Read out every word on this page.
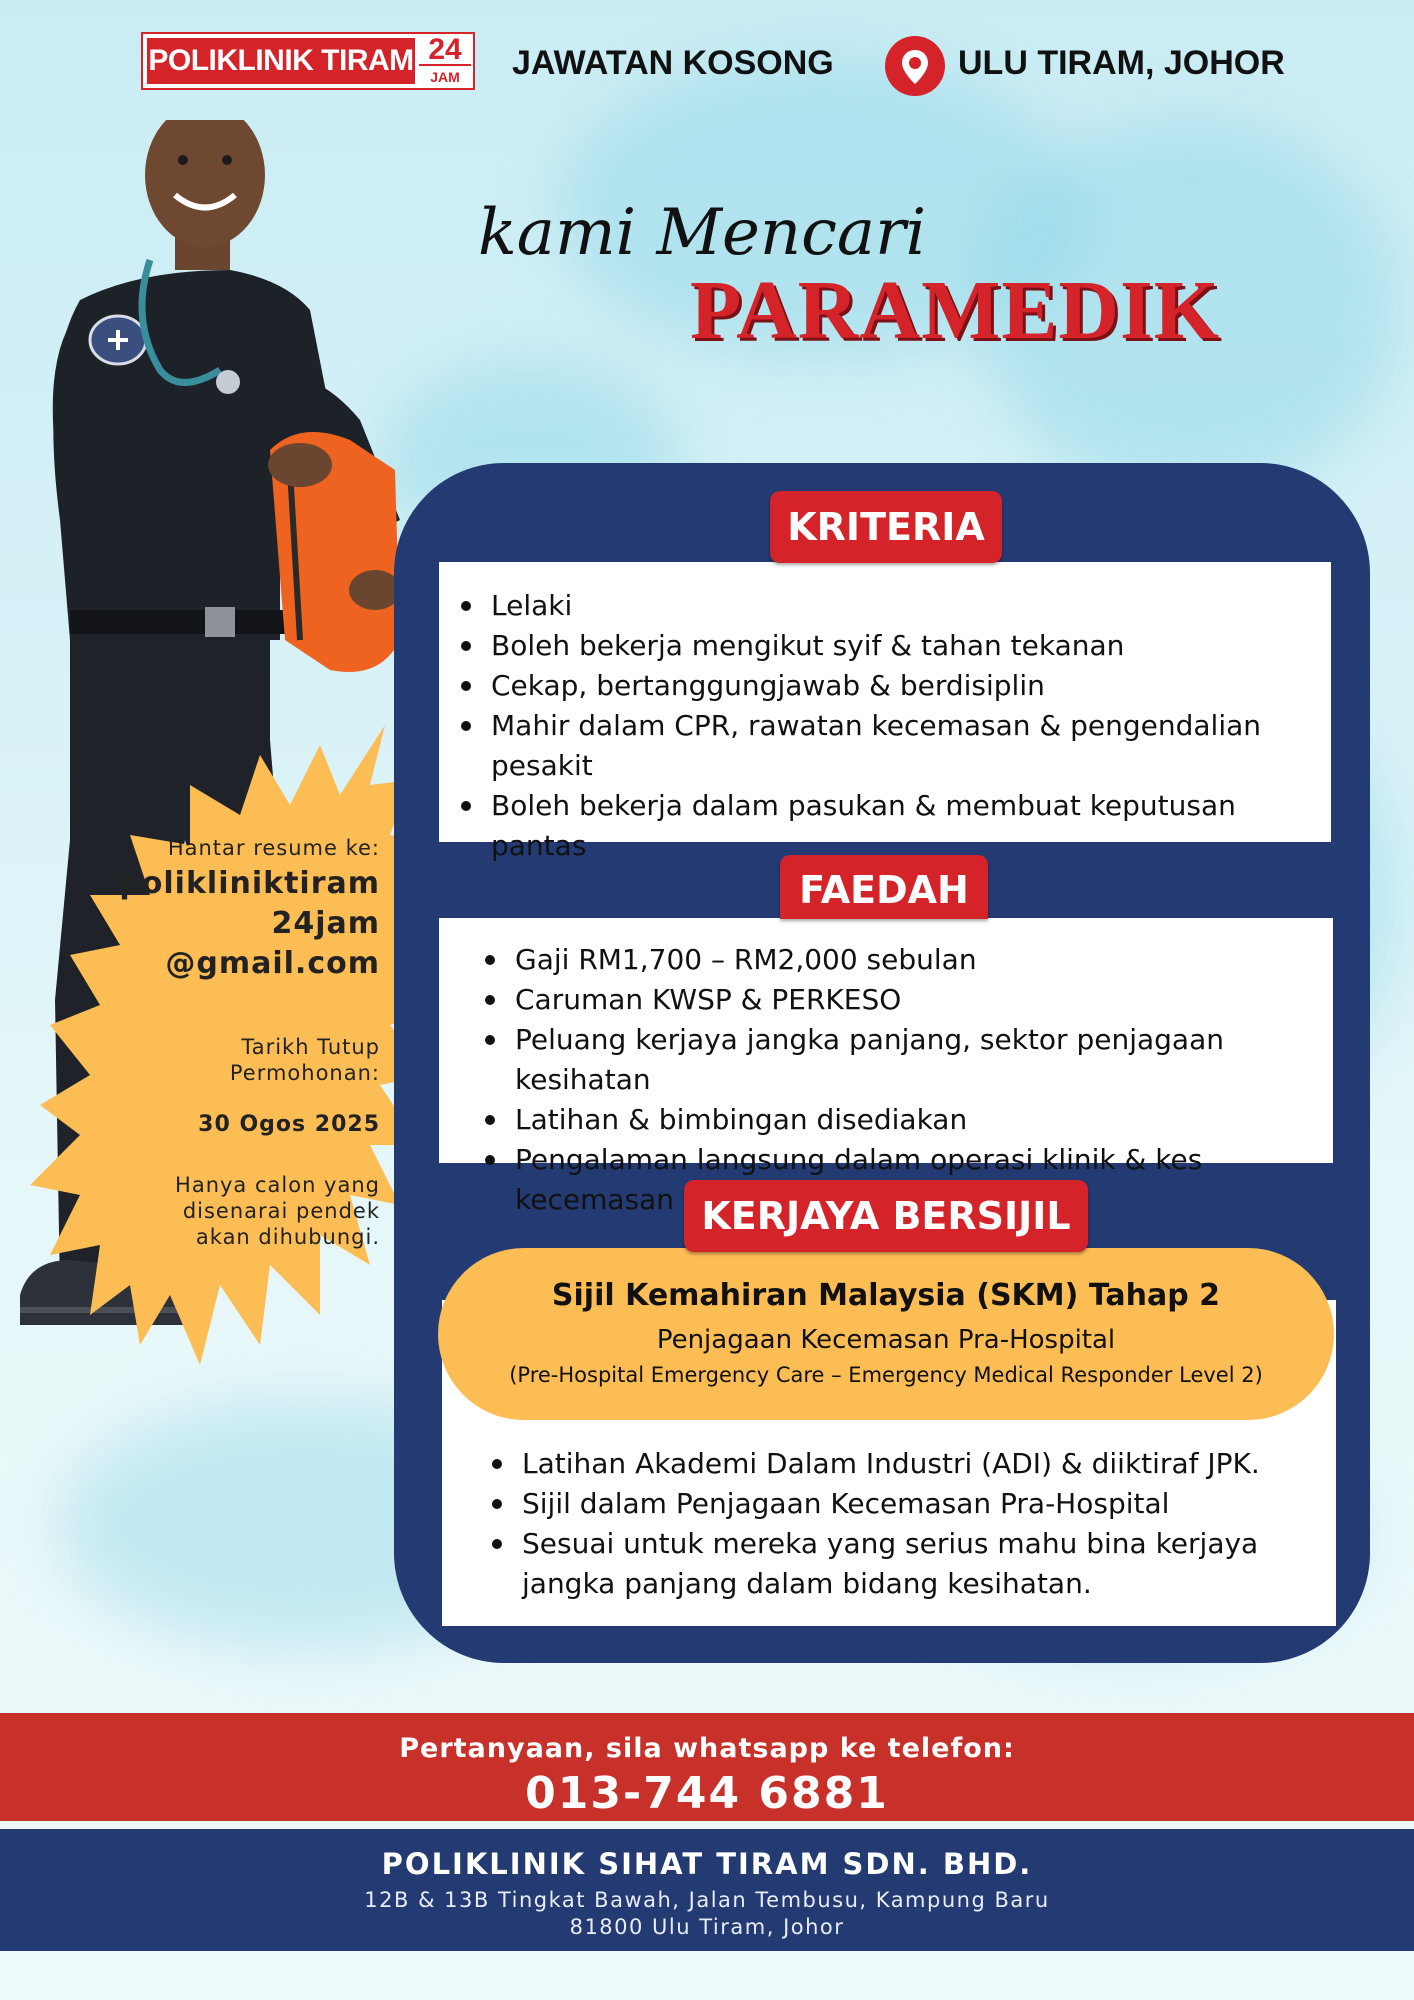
POLIKLINIK TIRAM 24
JAM	JAWATAN KOSONG	ULU TIRAM, JOHOR
kami Mencari
PARAMEDIK
Hantar resume ke:
polikliniktiram
24jam
@gmail.com
Tarikh Tutup
Permohonan:
30 Ogos 2025
Hanya calon yang
disenarai pendek
akan dihubungi.
Lelaki
Boleh bekerja mengikut syif & tahan tekanan
Cekap, bertanggungjawab & berdisiplin
Mahir dalam CPR, rawatan kecemasan & pengendalian pesakit
Boleh bekerja dalam pasukan & membuat keputusan pantas
KRITERIA
Gaji RM1,700 – RM2,000 sebulan
Caruman KWSP & PERKESO
Peluang kerjaya jangka panjang, sektor penjagaan kesihatan
Latihan & bimbingan disediakan
Pengalaman langsung dalam operasi klinik & kes kecemasan
FAEDAH
Latihan Akademi Dalam Industri (ADI) & diiktiraf JPK.
Sijil dalam Penjagaan Kecemasan Pra-Hospital
Sesuai untuk mereka yang serius mahu bina kerjaya
jangka panjang dalam bidang kesihatan.
Sijil Kemahiran Malaysia (SKM) Tahap 2
Penjagaan Kecemasan Pra-Hospital
(Pre-Hospital Emergency Care – Emergency Medical Responder Level 2)
KERJAYA BERSIJIL
Pertanyaan, sila whatsapp ke telefon:
013-744 6881
POLIKLINIK SIHAT TIRAM SDN. BHD.
12B & 13B Tingkat Bawah, Jalan Tembusu, Kampung Baru
81800 Ulu Tiram, Johor
